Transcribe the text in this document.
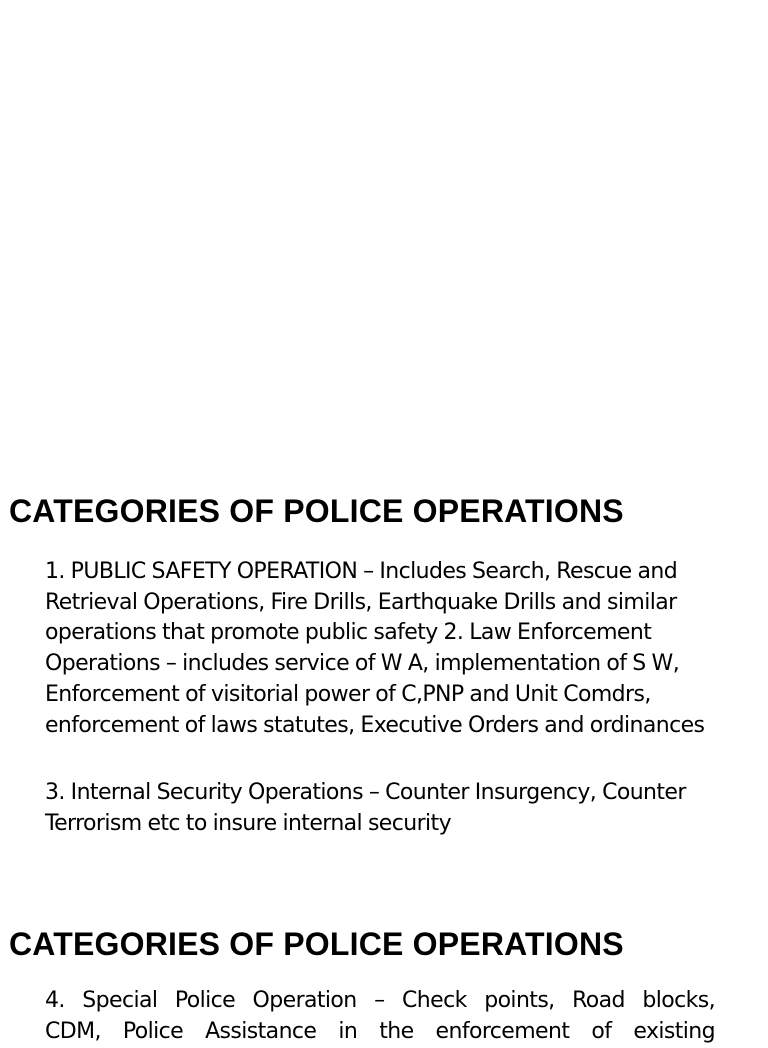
CATEGORIES OF POLICE OPERATIONS

1. PUBLIC SAFETY OPERATION – Includes Search, Rescue and Retrieval Operations, Fire Drills, Earthquake Drills and similar operations that promote public safety 2. Law Enforcement Operations – includes service of W A, implementation of S W, Enforcement of visitorial power of C,PNP and Unit Comdrs, enforcement of laws statutes, Executive Orders and ordinances

3. Internal Security Operations – Counter Insurgency, Counter Terrorism etc to insure internal security

CATEGORIES OF POLICE OPERATIONS

4. Special Police Operation – Check points, Road blocks,

CDM, Police Assistance in the enforcement of existing
